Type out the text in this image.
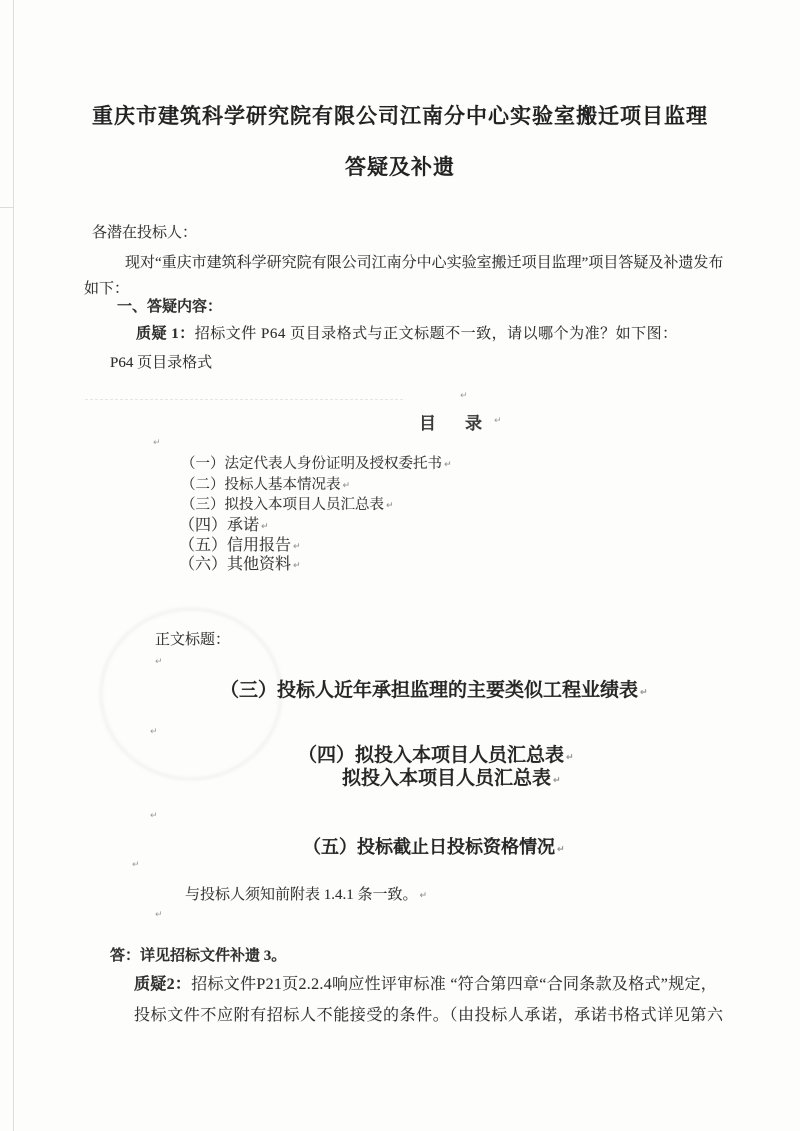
重庆市建筑科学研究院有限公司江南分中心实验室搬迁项目监理
答疑及补遗
各潜在投标人：
现对“重庆市建筑科学研究院有限公司江南分中心实验室搬迁项目监理”项目答疑及补遗发布
如下：
一、答疑内容：
质疑 1：招标文件 P64 页目录格式与正文标题不一致，请以哪个为准？如下图：
P64 页目录格式
目　录
↵
↵
↵
（一）法定代表人身份证明及授权委托书 ↵
（二）投标人基本情况表 ↵
（三）拟投入本项目人员汇总表 ↵
（四）承诺 ↵
（五）信用报告 ↵
（六）其他资料 ↵
正文标题：
↵
（三）投标人近年承担监理的主要类似工程业绩表 ↵
↵
（四）拟投入本项目人员汇总表 ↵
拟投入本项目人员汇总表 ↵
↵
（五）投标截止日投标资格情况 ↵
↵
与投标人须知前附表 1.4.1 条一致。 ↵
↵
答：详见招标文件补遗 3。
质疑2：招标文件P21页2.2.4响应性评审标准 “符合第四章“合同条款及格式”规定，
投标文件不应附有招标人不能接受的条件。（由投标人承诺，承诺书格式详见第六
